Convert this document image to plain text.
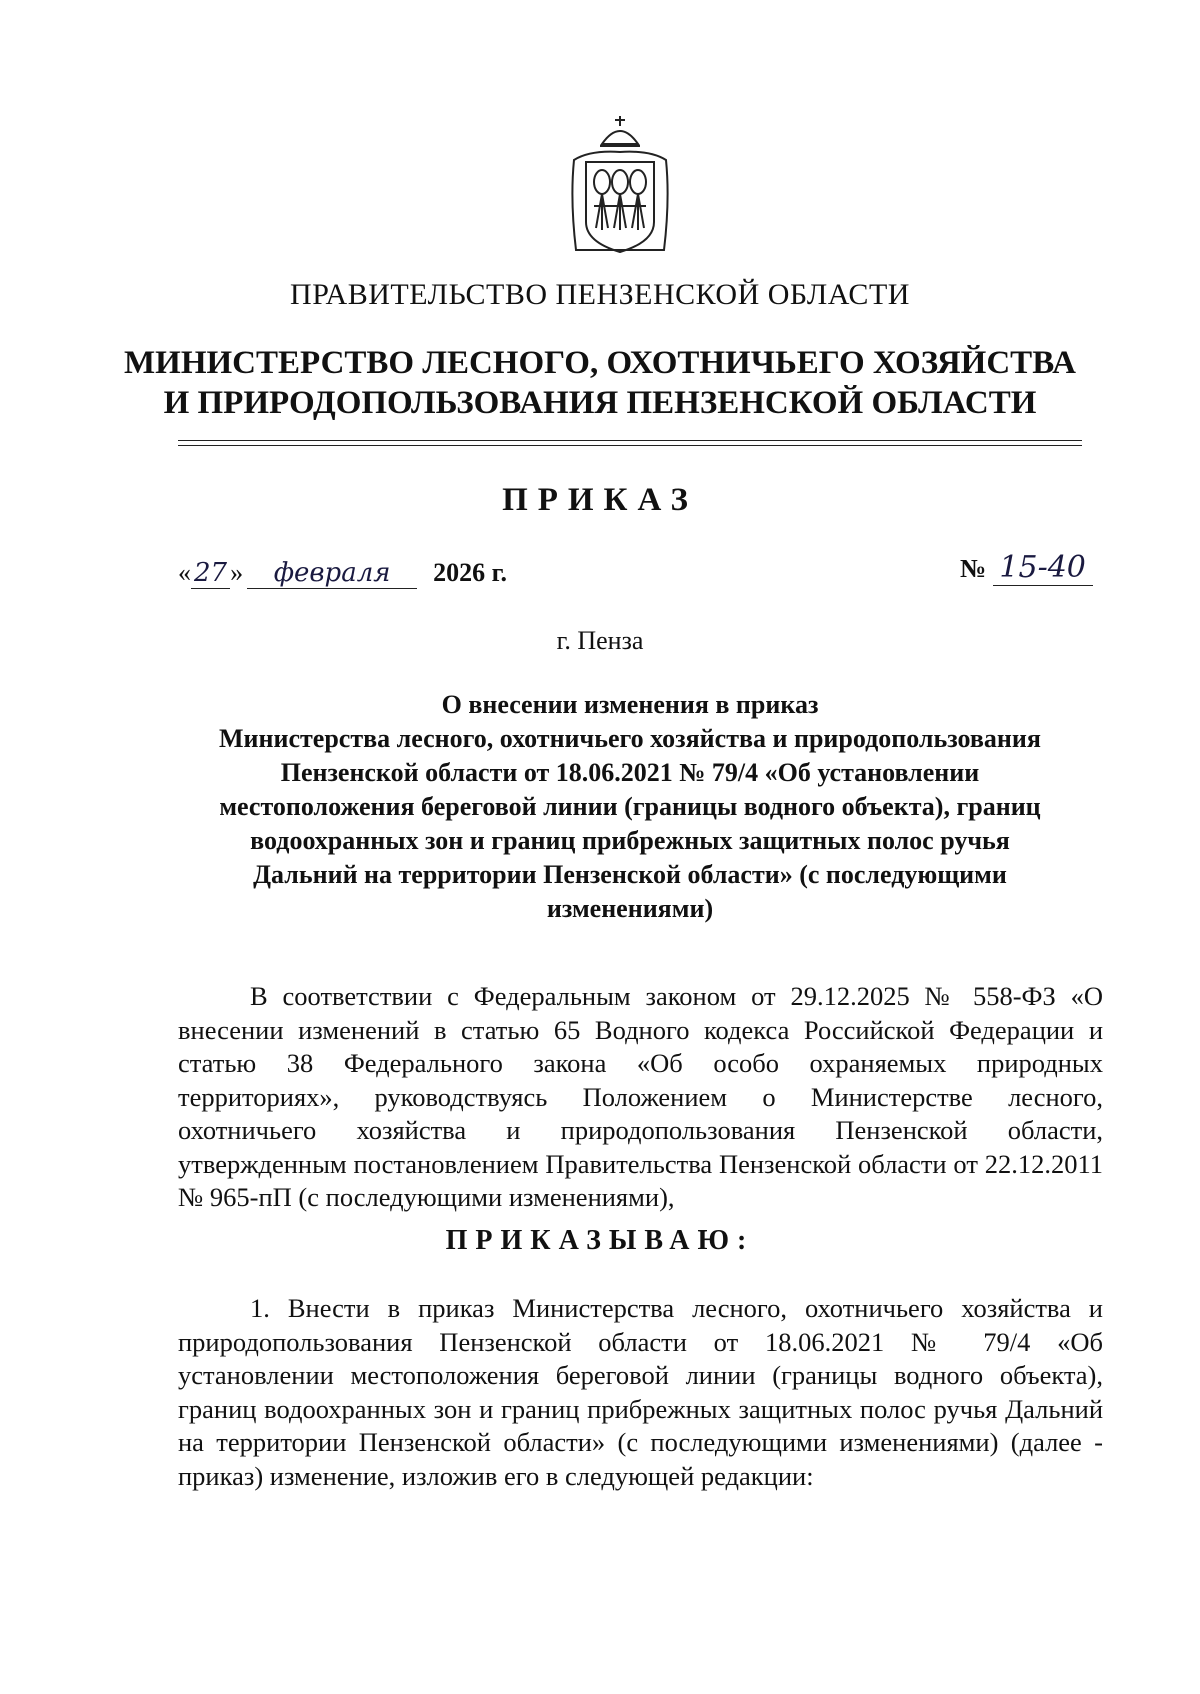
ПРАВИТЕЛЬСТВО ПЕНЗЕНСКОЙ ОБЛАСТИ
МИНИСТЕРСТВО ЛЕСНОГО, ОХОТНИЧЬЕГО ХОЗЯЙСТВА
И ПРИРОДОПОЛЬЗОВАНИЯ ПЕНЗЕНСКОЙ ОБЛАСТИ
ПРИКАЗ
« 27 » февраля 2026 г.	№ 15-40
г. Пенза
О внесении изменения в приказ
Министерства лесного, охотничьего хозяйства и природопользования
Пензенской области от 18.06.2021 № 79/4 «Об установлении
местоположения береговой линии (границы водного объекта), границ
водоохранных зон и границ прибрежных защитных полос ручья
Дальний на территории Пензенской области» (с последующими
изменениями)

В соответствии с Федеральным законом от 29.12.2025 № 558-ФЗ «О внесении изменений в статью 65 Водного кодекса Российской Федерации и статью 38 Федерального закона «Об особо охраняемых природных территориях», руководствуясь Положением о Министерстве лесного, охотничьего хозяйства и природопользования Пензенской области, утвержденным постановлением Правительства Пензенской области от 22.12.2011 № 965-пП (с последующими изменениями),

ПРИКАЗЫВАЮ:

1. Внести в приказ Министерства лесного, охотничьего хозяйства и природопользования Пензенской области от 18.06.2021 № 79/4 «Об установлении местоположения береговой линии (границы водного объекта), границ водоохранных зон и границ прибрежных защитных полос ручья Дальний на территории Пензенской области» (с последующими изменениями) (далее - приказ) изменение, изложив его в следующей редакции:
